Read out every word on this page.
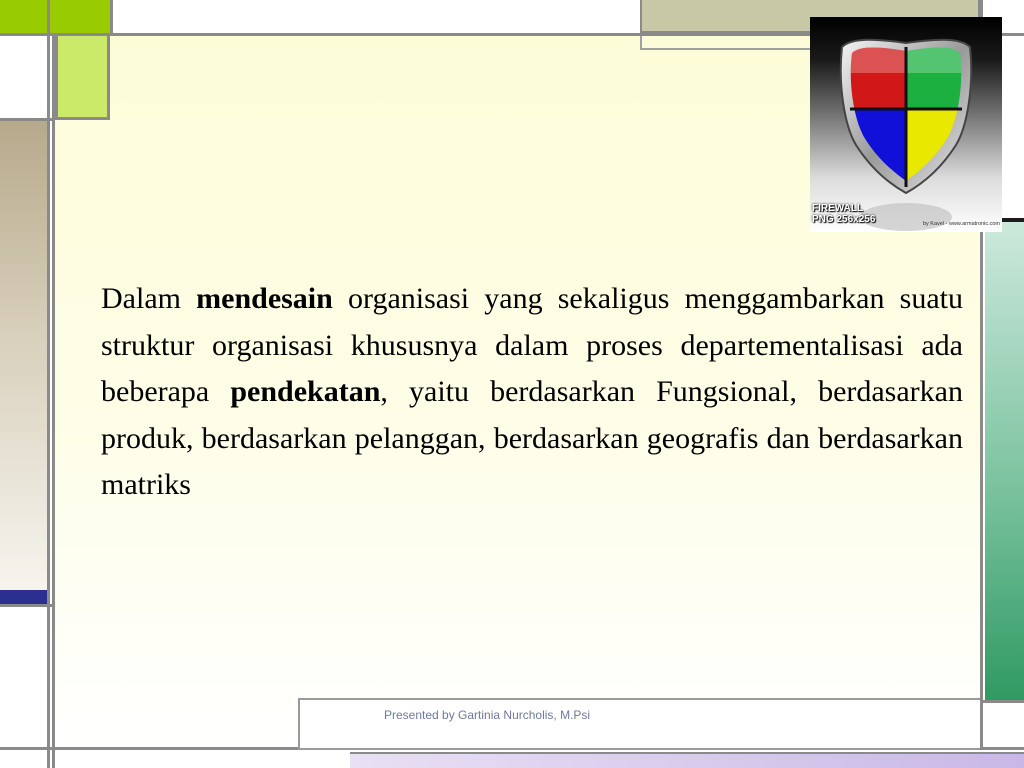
Presented by Gartinia Nurcholis, M.Psi
FIREWALL
PNG 256x256	by Kavel - www.armatronic.com
Dalam mendesain organisasi yang sekaligus menggambarkan suatu struktur organisasi khususnya dalam proses departementalisasi ada beberapa pendekatan, yaitu berdasarkan Fungsional, berdasarkan produk, berdasarkan pelanggan, berdasarkan geografis dan berdasarkan matriks
